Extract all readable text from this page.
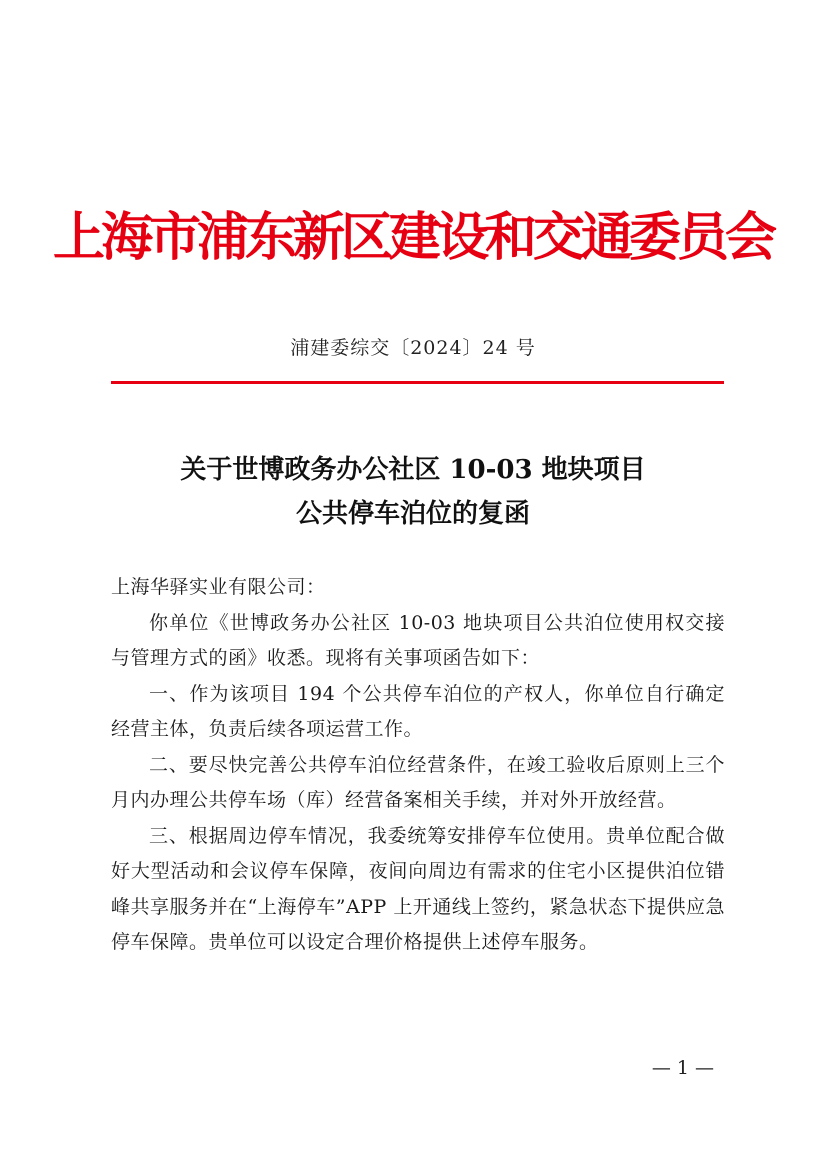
上海市浦东新区建设和交通委员会
浦建委综交〔2024〕24 号
关于世博政务办公社区 10-03 地块项目
公共停车泊位的复函

上海华驿实业有限公司：

你单位《世博政务办公社区 10-03 地块项目公共泊位使用权交接与管理方式的函》收悉。现将有关事项函告如下：

一、作为该项目 194 个公共停车泊位的产权人，你单位自行确定经营主体，负责后续各项运营工作。

二、要尽快完善公共停车泊位经营条件，在竣工验收后原则上三个月内办理公共停车场（库）经营备案相关手续，并对外开放经营。

三、根据周边停车情况，我委统筹安排停车位使用。贵单位配合做好大型活动和会议停车保障，夜间向周边有需求的住宅小区提供泊位错峰共享服务并在“上海停车”APP 上开通线上签约，紧急状态下提供应急停车保障。贵单位可以设定合理价格提供上述停车服务。

— 1 —
